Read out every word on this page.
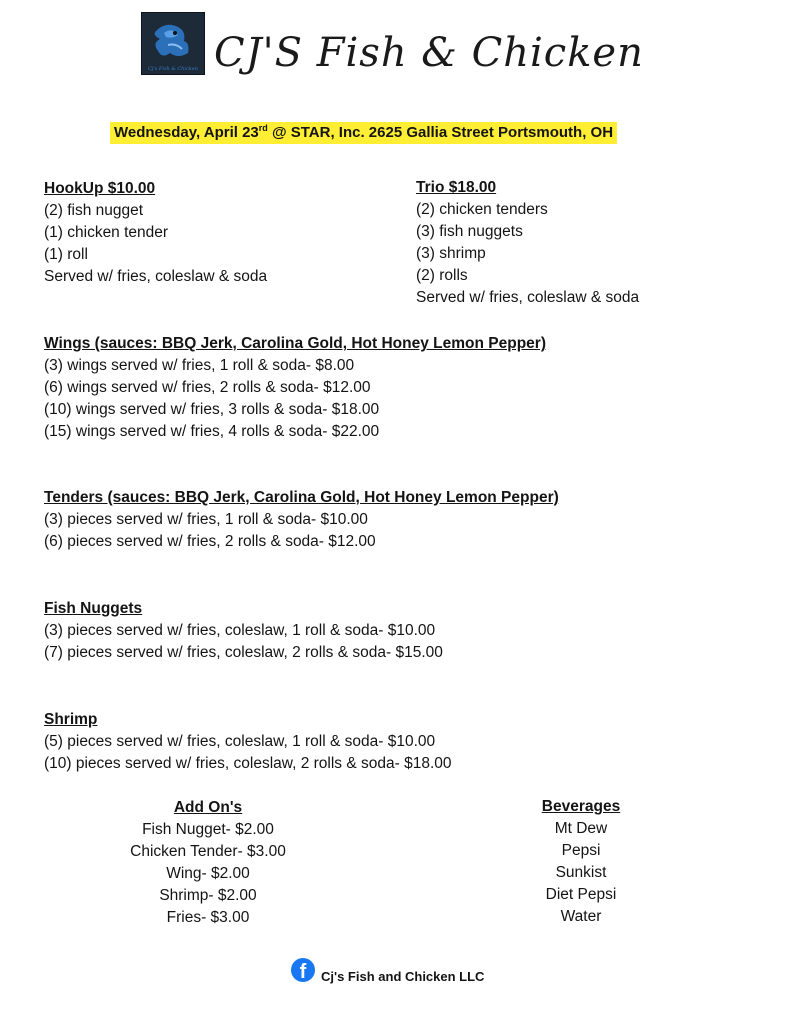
Cj's Fish & Chicken CJ'S Fish & Chicken
Wednesday, April 23rd @ STAR, Inc. 2625 Gallia Street Portsmouth, OH
HookUp $10.00
(2) fish nugget
(1) chicken tender
(1) roll
Served w/ fries, coleslaw & soda
Trio $18.00
(2) chicken tenders
(3) fish nuggets
(3) shrimp
(2) rolls
Served w/ fries, coleslaw & soda
Wings (sauces: BBQ Jerk, Carolina Gold, Hot Honey Lemon Pepper)
(3) wings served w/ fries, 1 roll & soda- $8.00
(6) wings served w/ fries, 2 rolls & soda- $12.00
(10) wings served w/ fries, 3 rolls & soda- $18.00
(15) wings served w/ fries, 4 rolls & soda- $22.00
Tenders (sauces: BBQ Jerk, Carolina Gold, Hot Honey Lemon Pepper)
(3) pieces served w/ fries, 1 roll & soda- $10.00
(6) pieces served w/ fries, 2 rolls & soda- $12.00
Fish Nuggets
(3) pieces served w/ fries, coleslaw, 1 roll & soda- $10.00
(7) pieces served w/ fries, coleslaw, 2 rolls & soda- $15.00
Shrimp
(5) pieces served w/ fries, coleslaw, 1 roll & soda- $10.00
(10) pieces served w/ fries, coleslaw, 2 rolls & soda- $18.00
Add On's
Fish Nugget- $2.00
Chicken Tender- $3.00
Wing- $2.00
Shrimp- $2.00
Fries- $3.00
Beverages
Mt Dew
Pepsi
Sunkist
Diet Pepsi
Water
f	Cj's Fish and Chicken LLC
